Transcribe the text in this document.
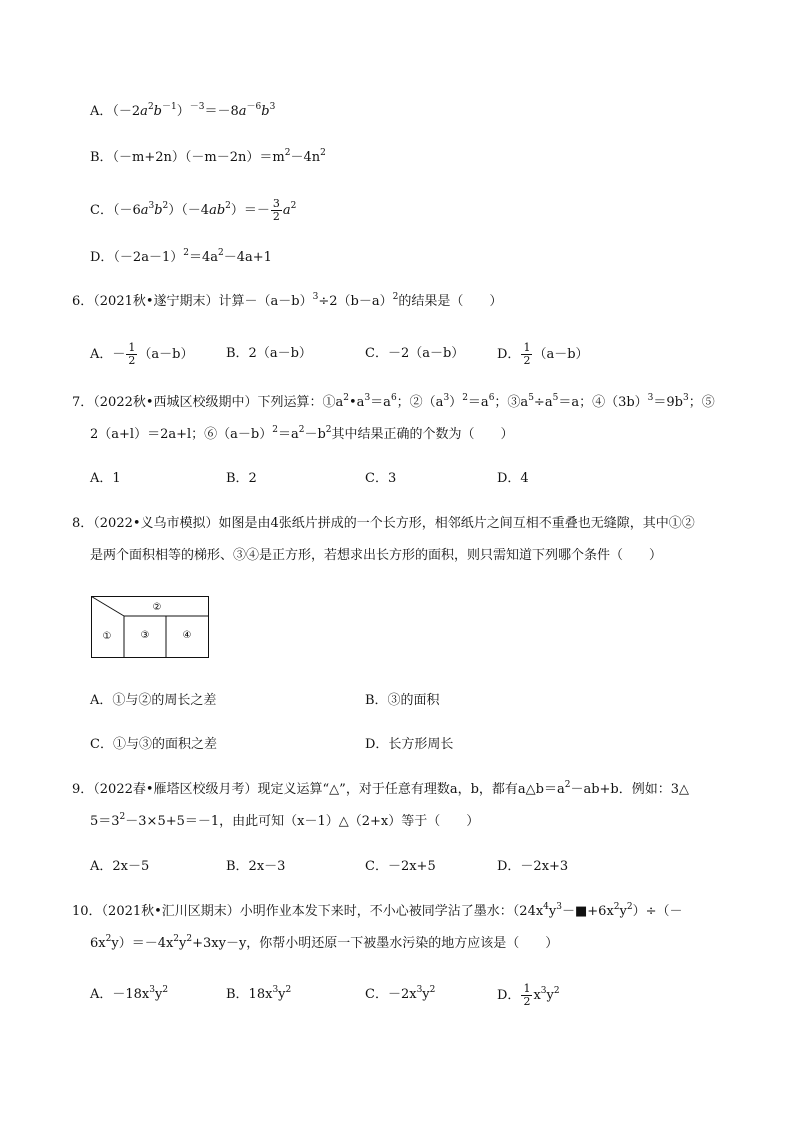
A．$(-2a^2b^{-1})^{-3}=-8a^{-6}b^3$
B．$(-m+2n)(-m-2n)=m^2-4n^2$
C．$(-6a^3b^2)(-4ab^2)=- \frac{3}{2} a^2$
D．$(-2a-1)^2=4a^2-4a+1$
6．（2021秋•遂宁期末）计算$-(a-b)^3\div 2(b-a)^2$的结果是（　　）
A．－ $\frac{1}{2} (a-b)$	B．2（a－b）	C．－2（a－b）	D． $\frac{1}{2} (a-b)$
7．（2022秋•西城区校级期中）下列运算：$①a^2•a^3=a^6$；$②(a^3)^2=a^6$；$③a^5\div a^5=a$；$④(3b)^3=9b^3$；⑤
2（a+l）＝2a+l；$⑥(a-b)^2=a^2-b^2$其中结果正确的个数为（　　）
A．1	B．2	C．3	D．4
8．（2022•义乌市模拟）如图是由4张纸片拼成的一个长方形，相邻纸片之间互相不重叠也无缝隙，其中①②
是两个面积相等的梯形、③④是正方形，若想求出长方形的面积，则只需知道下列哪个条件（　　）
①
②
③	④
A．①与②的周长之差	B．③的面积
C．①与③的面积之差	D．长方形周长
9．（2022春•雁塔区校级月考）现定义运算“△”，对于任意有理数a，b，都有$a\triangle b=a^2-ab+b$．例如：3△
$5=3^2-3\times 5+5=-1$，由此可知（x－1）△（2+x）等于（　　）
A．2x－5	B．2x－3	C．－2x+5	D．－2x+3
10．（2021秋•汇川区期末）小明作业本发下来时，不小心被同学沾了墨水：$(24x^4y^3-■+6x^2y^2)\div(-$
$6x^2y)=-4x^2y^2+3xy-y$，你帮小明还原一下被墨水污染的地方应该是（　　）
A．$-18x^3y^2$	B．$18x^3y^2$	C．$-2x^3y^2$	D． $\frac{1}{2} x^3y^2$
